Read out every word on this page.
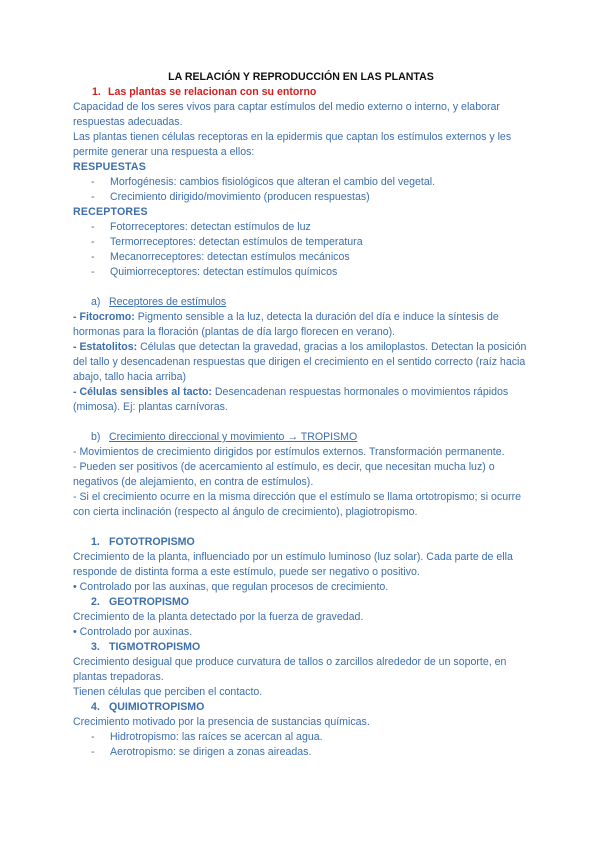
LA RELACIÓN Y REPRODUCCIÓN EN LAS PLANTAS
1. Las plantas se relacionan con su entorno

Capacidad de los seres vivos para captar estímulos del medio externo o interno, y elaborar respuestas adecuadas.

Las plantas tienen células receptoras en la epidermis que captan los estímulos externos y les permite generar una respuesta a ellos:

RESPUESTAS
- Morfogénesis: cambios fisiológicos que alteran el cambio del vegetal.
- Crecimiento dirigido/movimiento (producen respuestas)
RECEPTORES
- Fotorreceptores: detectan estímulos de luz
- Termorreceptores: detectan estímulos de temperatura
- Mecanorreceptores: detectan estímulos mecánicos
- Quimiorreceptores: detectan estímulos químicos
a) Receptores de estímulos

- Fitocromo: Pigmento sensible a la luz, detecta la duración del día e induce la síntesis de hormonas para la floración (plantas de día largo florecen en verano).

- Estatolitos: Células que detectan la gravedad, gracias a los amiloplastos. Detectan la posición del tallo y desencadenan respuestas que dirigen el crecimiento en el sentido correcto (raíz hacia abajo, tallo hacia arriba)

- Células sensibles al tacto: Desencadenan respuestas hormonales o movimientos rápidos (mimosa). Ej: plantas carnívoras.

b) Crecimiento direccional y movimiento → TROPISMO

- Movimientos de crecimiento dirigidos por estímulos externos. Transformación permanente.

- Pueden ser positivos (de acercamiento al estímulo, es decir, que necesitan mucha luz) o negativos (de alejamiento, en contra de estímulos).

- Si el crecimiento ocurre en la misma dirección que el estímulo se llama ortotropismo; si ocurre con cierta inclinación (respecto al ángulo de crecimiento), plagiotropismo.

1. FOTOTROPISMO

Crecimiento de la planta, influenciado por un estímulo luminoso (luz solar). Cada parte de ella responde de distinta forma a este estímulo, puede ser negativo o positivo.

• Controlado por las auxinas, que regulan procesos de crecimiento.

2. GEOTROPISMO

Crecimiento de la planta detectado por la fuerza de gravedad.

• Controlado por auxinas.

3. TIGMOTROPISMO

Crecimiento desigual que produce curvatura de tallos o zarcillos alrededor de un soporte, en plantas trepadoras.

Tienen células que perciben el contacto.

4. QUIMIOTROPISMO

Crecimiento motivado por la presencia de sustancias químicas.

- Hidrotropismo: las raíces se acercan al agua.
- Aerotropismo: se dirigen a zonas aireadas.
